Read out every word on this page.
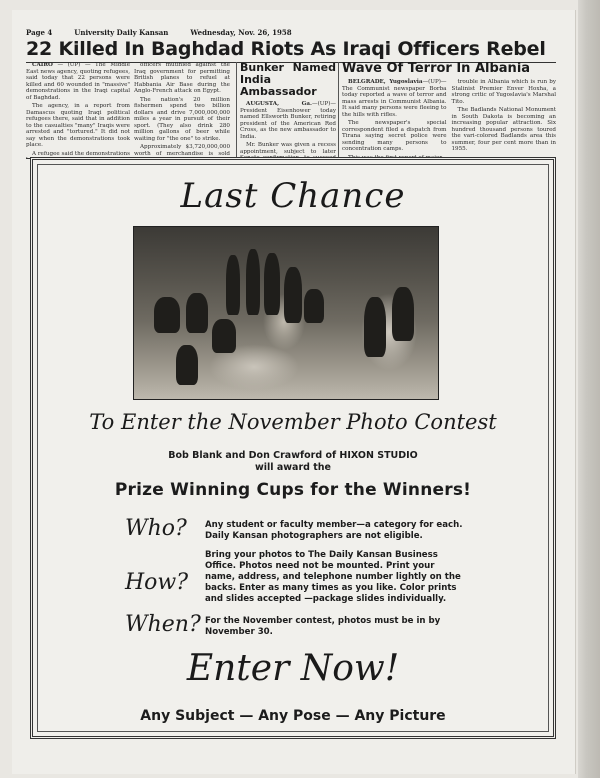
Page 4	University Daily Kansan	Wednesday, Nov. 26, 1958
22 Killed In Baghdad Riots As Iraqi Officers Rebel

CAIRO — (UP) — The Middle East news agency, quoting refugees, said today that 22 persons were killed and 60 wounded in "massive" demonstrations in the Iraqi capital of Baghdad.

The agency, in a report from Damascus quoting Iraqi political refugees there, said that in addition to the casualties "many" Iraqis were arrested and "tortured." It did not say when the demonstrations took place.

A refugee said the demonstrations

officers mutinied against the Iraq government for permitting British planes to refuel at Habbania Air Base during the Anglo-French attack on Egypt.

The nation's 20 million fishermen spend two billion dollars and drive 7,000,000,000 miles a year in pursuit of their sport. (They also drink 280 million gallons of beer while waiting for "the one" to strike.

Approximately $3,720,000,000 worth of merchandise is sold

Bunker Named India Ambassador

AUGUSTA, Ga.—(UP)—President Eisenhower today named Ellsworth Bunker, retiring president of the American Red Cross, as the new ambassador to India.

Mr. Bunker was given a recess appointment, subject to later

Wave Of Terror In Albania

BELGRADE, Yugoslavia—(UP)— The Communist newspaper Borba today reported a wave of terror and mass arrests in Communist Albania. It said many persons were fleeing to the hills with rifles.

The newspaper's special correspondent filed a dispatch from Tirana saying secret police were sending many persons to concentration camps.

trouble in Albania which is run by Stalinist Premier Enver Hoxha, a strong critic of Yugoslavia's Marshal Tito.

The Badlands National Monument in South Dakota is becoming an increasing popular attraction. Six hundred thousand persons toured the vari-colored Badlands area this summer, four per cent more than in 1955.

Last Chance
To Enter the November Photo Contest
Bob Blank and Don Crawford of HIXON STUDIO
will award the
Prize Winning Cups for the Winners!
Who? Any student or faculty member—a category for each. Daily Kansan photographers are not eligible.
How?
Bring your photos to The Daily Kansan Business Office. Photos need not be mounted. Print your name, address, and telephone number lightly on the backs. Enter as many times as you like. Color prints and slides accepted —package slides individually.
When? For the November contest, photos must be in by November 30.
Enter Now!
Any Subject — Any Pose — Any Picture
